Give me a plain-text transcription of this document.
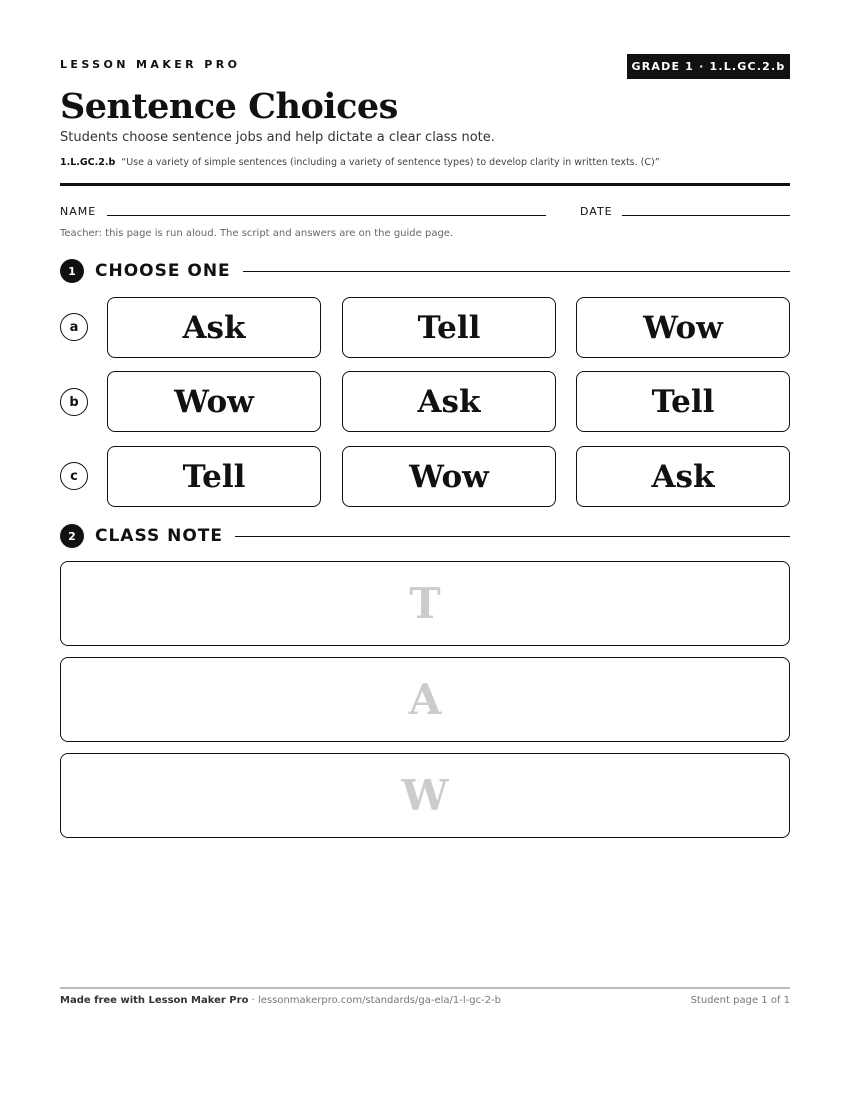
LESSON MAKER PRO	GRADE 1 · 1.L.GC.2.b
Sentence Choices
Students choose sentence jobs and help dictate a clear class note.
1.L.GC.2.b “Use a variety of simple sentences (including a variety of sentence types) to develop clarity in written texts. (C)”
NAME	DATE
Teacher: this page is run aloud. The script and answers are on the guide page.
1	CHOOSE ONE
a	Ask	Tell	Wow
b	Wow	Ask	Tell
c	Tell	Wow	Ask
2	CLASS NOTE
T
A
W
Made free with Lesson Maker Pro · lessonmakerpro.com/standards/ga-ela/1-l-gc-2-b	Student page 1 of 1
